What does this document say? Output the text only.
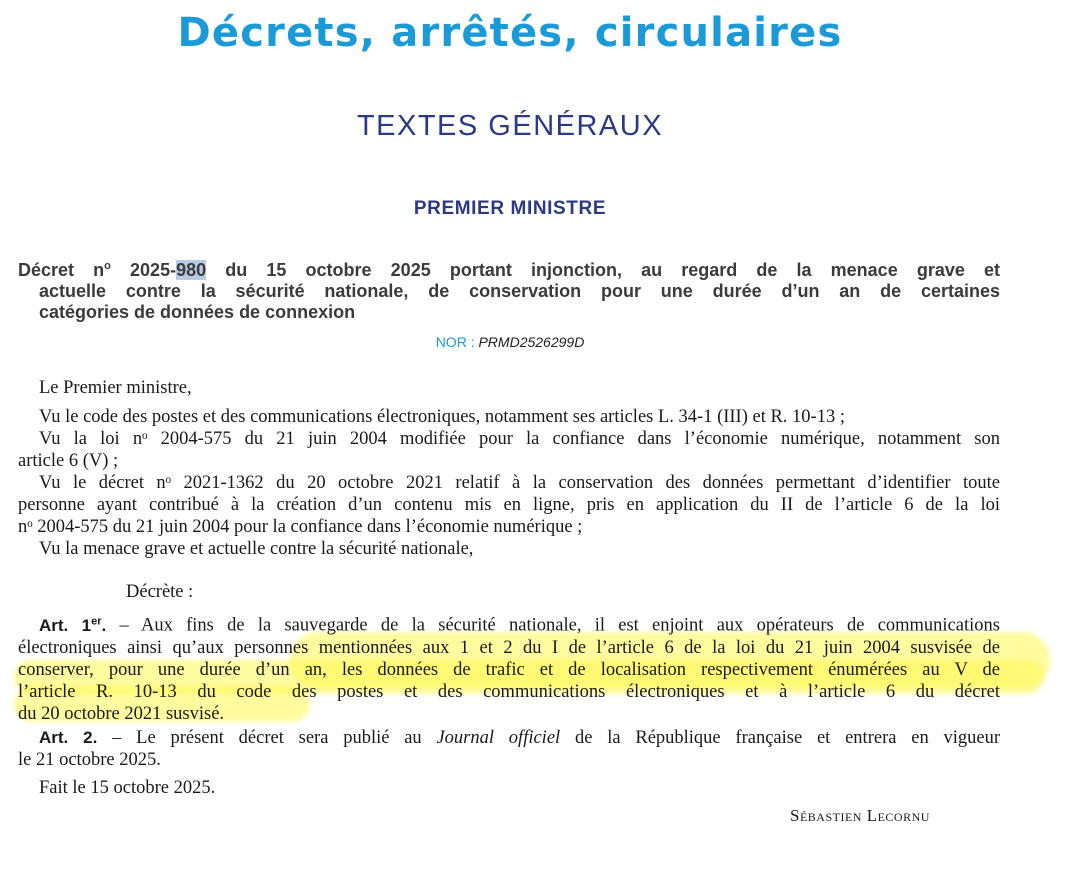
Décrets, arrêtés, circulaires
TEXTES GÉNÉRAUX
PREMIER MINISTRE
Décret $n^o$ 2025-980 du 15 octobre 2025 portant injonction, au regard de la menace grave et
actuelle contre la sécurité nationale, de conservation pour une durée d’un an de certaines
catégories de données de connexion
NOR : PRMD2526299D
Le Premier ministre,
Vu le code des postes et des communications électroniques, notamment ses articles L. 34-1 (III) et R. 10-13 ;
Vu la loi nᵒ 2004-575 du 21 juin 2004 modifiée pour la confiance dans l’économie numérique, notamment son
article 6 (V) ;
Vu le décret nᵒ 2021-1362 du 20 octobre 2021 relatif à la conservation des données permettant d’identifier toute
personne ayant contribué à la création d’un contenu mis en ligne, pris en application du II de l’article 6 de la loi
nᵒ 2004-575 du 21 juin 2004 pour la confiance dans l’économie numérique ;
Vu la menace grave et actuelle contre la sécurité nationale,
Décrète :
Art. 1er. – Aux fins de la sauvegarde de la sécurité nationale, il est enjoint aux opérateurs de communications
électroniques ainsi qu’aux personnes mentionnées aux 1 et 2 du I de l’article 6 de la loi du 21 juin 2004 susvisée de
conserver, pour une durée d’un an, les données de trafic et de localisation respectivement énumérées au V de
l’article R. 10-13 du code des postes et des communications électroniques et à l’article 6 du décret
du 20 octobre 2021 susvisé.
Art. 2. – Le présent décret sera publié au Journal officiel de la République française et entrera en vigueur
le 21 octobre 2025.
Fait le 15 octobre 2025.
Sébastien Lecornu
